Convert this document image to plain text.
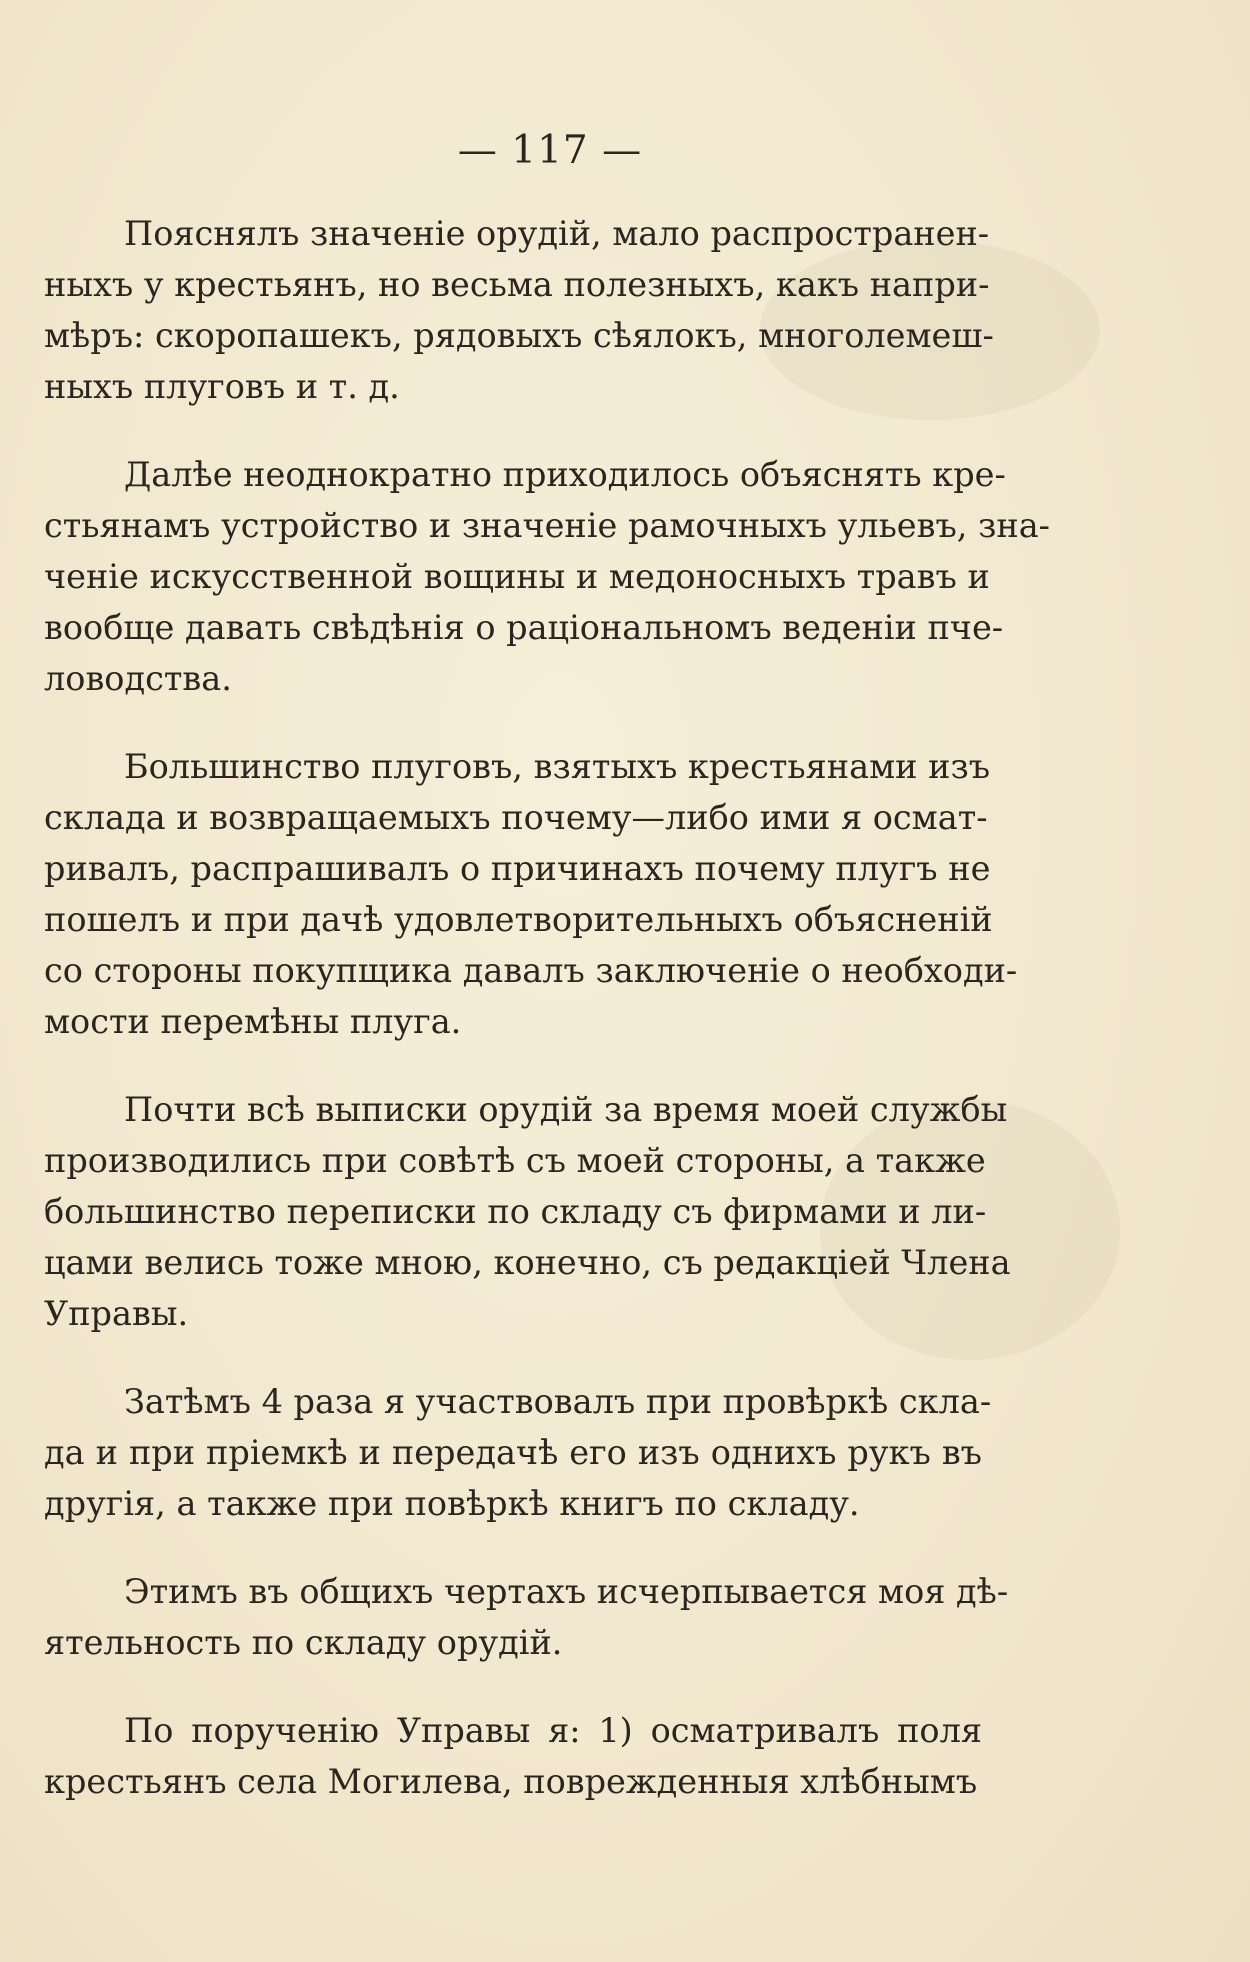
— 117 —
Пояснялъ значенie орудiй, мало распространен-
ныхъ у крестьянъ, но весьма полезныхъ, какъ напри-
мѣръ: скоропашекъ, рядовыхъ сѣялокъ, многолемеш-
ныхъ плуговъ и т. д.
Далѣе неоднократно приходилось объяснять кре-
стьянамъ устройство и значенie рамочныхъ ульевъ, зна-
ченie искусственной вощины и медоносныхъ травъ и
вообще давать свѣдѣнiя о рацiональномъ веденiи пче-
ловодства.
Большинство плуговъ, взятыхъ крестьянами изъ
склада и возвращаемыхъ почему—либо ими я осмат-
ривалъ, распрашивалъ о причинахъ почему плугъ не
пошелъ и при дачѣ удовлетворительныхъ объясненiй
со стороны покупщика давалъ заключенie о необходи-
мости перемѣны плуга.
Почти всѣ выписки орудiй за время моей службы
производились при совѣтѣ съ моей стороны, а также
большинство переписки по складу съ фирмами и ли-
цами велись тоже мною, конечно, съ редакцiей Члена
Управы.
Затѣмъ 4 раза я участвовалъ при провѣркѣ скла-
да и при прieмкѣ и передачѣ его изъ однихъ рукъ въ
другiя, а также при повѣркѣ книгъ по складу.
Этимъ въ общихъ чертахъ исчерпывается моя дѣ-
ятельность по складу орудiй.
По порученiю Управы я: 1) осматривалъ поля
крестьянъ села Могилева, поврежденныя хлѣбнымъ
